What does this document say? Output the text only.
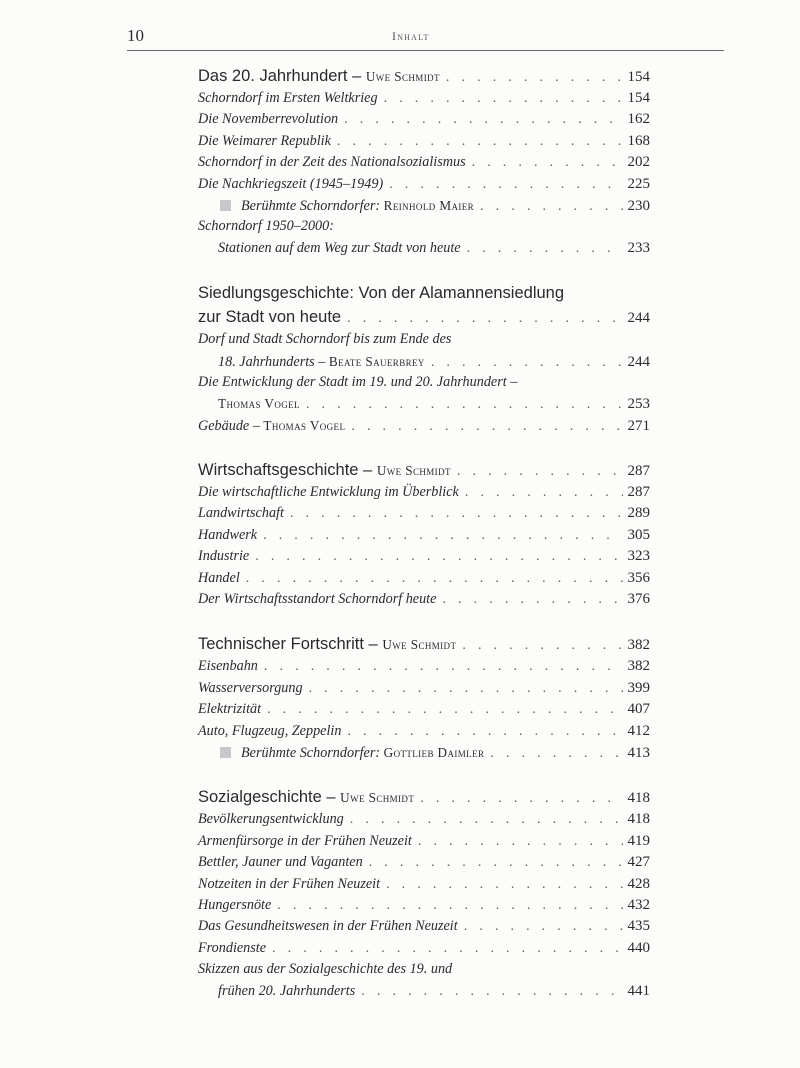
10	Inhalt
Das 20. Jahrhundert – Uwe Schmidt . . .	154
Schorndorf im Ersten Weltkrieg . . .	154
Die Novemberrevolution . . .	162
Die Weimarer Republik . . .	168
Schorndorf in der Zeit des Nationalsozialismus . . .	202
Die Nachkriegszeit (1945–1949) . . .	225
Berühmte Schorndorfer: Reinhold Maier . . .	230
Schorndorf 1950–2000:
Stationen auf dem Weg zur Stadt von heute . . .	233
Siedlungsgeschichte: Von der Alamannensiedlung
zur Stadt von heute . . .	244
Dorf und Stadt Schorndorf bis zum Ende des
18. Jahrhunderts – Beate Sauerbrey . . .	244
Die Entwicklung der Stadt im 19. und 20. Jahrhundert –
Thomas Vogel . . .	253
Gebäude – Thomas Vogel . . .	271
Wirtschaftsgeschichte – Uwe Schmidt . . .	287
Die wirtschaftliche Entwicklung im Überblick . . .	287
Landwirtschaft . . .	289
Handwerk . . .	305
Industrie . . .	323
Handel . . .	356
Der Wirtschaftsstandort Schorndorf heute . . .	376
Technischer Fortschritt – Uwe Schmidt . . .	382
Eisenbahn . . .	382
Wasserversorgung . . .	399
Elektrizität . . .	407
Auto, Flugzeug, Zeppelin . . .	412
Berühmte Schorndorfer: Gottlieb Daimler . . .	413
Sozialgeschichte – Uwe Schmidt . . .	418
Bevölkerungsentwicklung . . .	418
Armenfürsorge in der Frühen Neuzeit . . .	419
Bettler, Jauner und Vaganten . . .	427
Notzeiten in der Frühen Neuzeit . . .	428
Hungersnöte . . .	432
Das Gesundheitswesen in der Frühen Neuzeit . . .	435
Frondienste . . .	440
Skizzen aus der Sozialgeschichte des 19. und
frühen 20. Jahrhunderts . . .	441
